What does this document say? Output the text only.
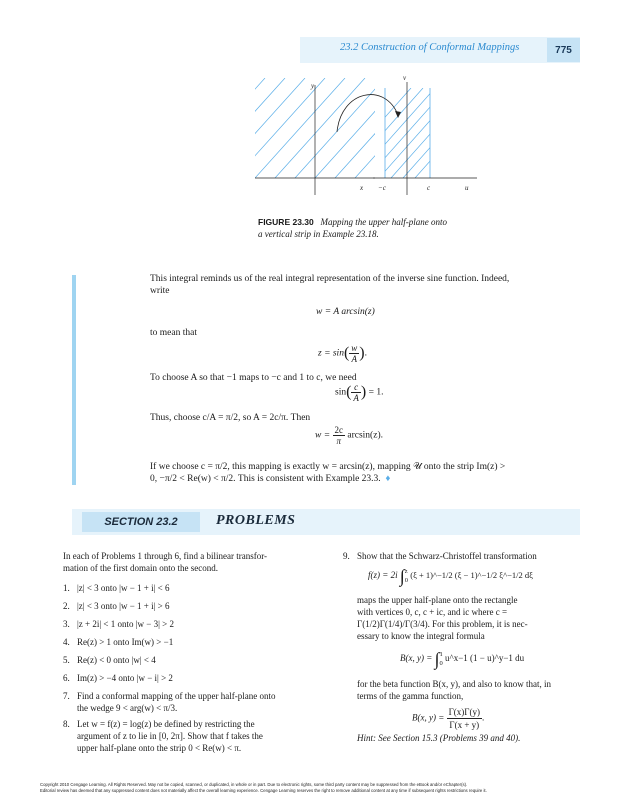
23.2 Construction of Conformal Mappings	775
y
x
v
−c	c	u
FIGURE 23.30 Mapping the upper half-plane onto
a vertical strip in Example 23.18.
This integral reminds us of the real integral representation of the inverse sine function. Indeed,
write
w = A arcsin(z)
to mean that
$z = \sin( \frac{w}{A}$ ).
To choose A so that −1 maps to −c and 1 to c, we need
$\sin( \frac{c}{A}$ ) = 1.
Thus, choose c/A = π/2, so A = 2c/π. Then
$w = \frac{2c}{\pi} \arcsin(z)$.
If we choose c = π/2, this mapping is exactly w = arcsin(z), mapping 𝒰 onto the strip Im(z) >
0, −π/2 < Re(w) < π/2. This is consistent with Example 23.3. ♦
SECTION 23.2	PROBLEMS
In each of Problems 1 through 6, find a bilinear transfor-
mation of the first domain onto the second.
1. |z| < 3 onto |w − 1 + i| < 6
2. |z| < 3 onto |w − 1 + i| > 6
3. |z + 2i| < 1 onto |w − 3| > 2
4. Re(z) > 1 onto Im(w) > −1
5. Re(z) < 0 onto |w| < 4
6. Im(z) > −4 onto |w − i| > 2
7. Find a conformal mapping of the upper half-plane onto
the wedge 9 < arg(w) < π/3.
8. Let w = f(z) = log(z) be defined by restricting the
argument of z to lie in [0, 2π]. Show that f takes the
upper half-plane onto the strip 0 < Re(w) < π.
9. Show that the Schwarz-Christoffel transformation
f(z) = 2i ∫ z
0
(ξ + 1)^−1/2 (ξ − 1)^−1/2 ξ^−1/2 dξ
maps the upper half-plane onto the rectangle
with vertices 0, c, c + ic, and ic where c =
Γ(1/2)Γ(1/4)/Γ(3/4). For this problem, it is nec-
essary to know the integral formula
B(x, y) = ∫ 1
0
u^x−1 (1 − u)^y−1 du
for the beta function B(x, y), and also to know that, in
terms of the gamma function,
B(x, $y) = \frac{\Gamma(x)\Gamma(y)}{\Gamma(x + y)}$ .
Hint: See Section 15.3 (Problems 39 and 40).
Copyright 2010 Cengage Learning. All Rights Reserved. May not be copied, scanned, or duplicated, in whole or in part. Due to electronic rights, some third party content may be suppressed from the eBook and/or eChapter(s).
Editorial review has deemed that any suppressed content does not materially affect the overall learning experience. Cengage Learning reserves the right to remove additional content at any time if subsequent rights restrictions require it.
